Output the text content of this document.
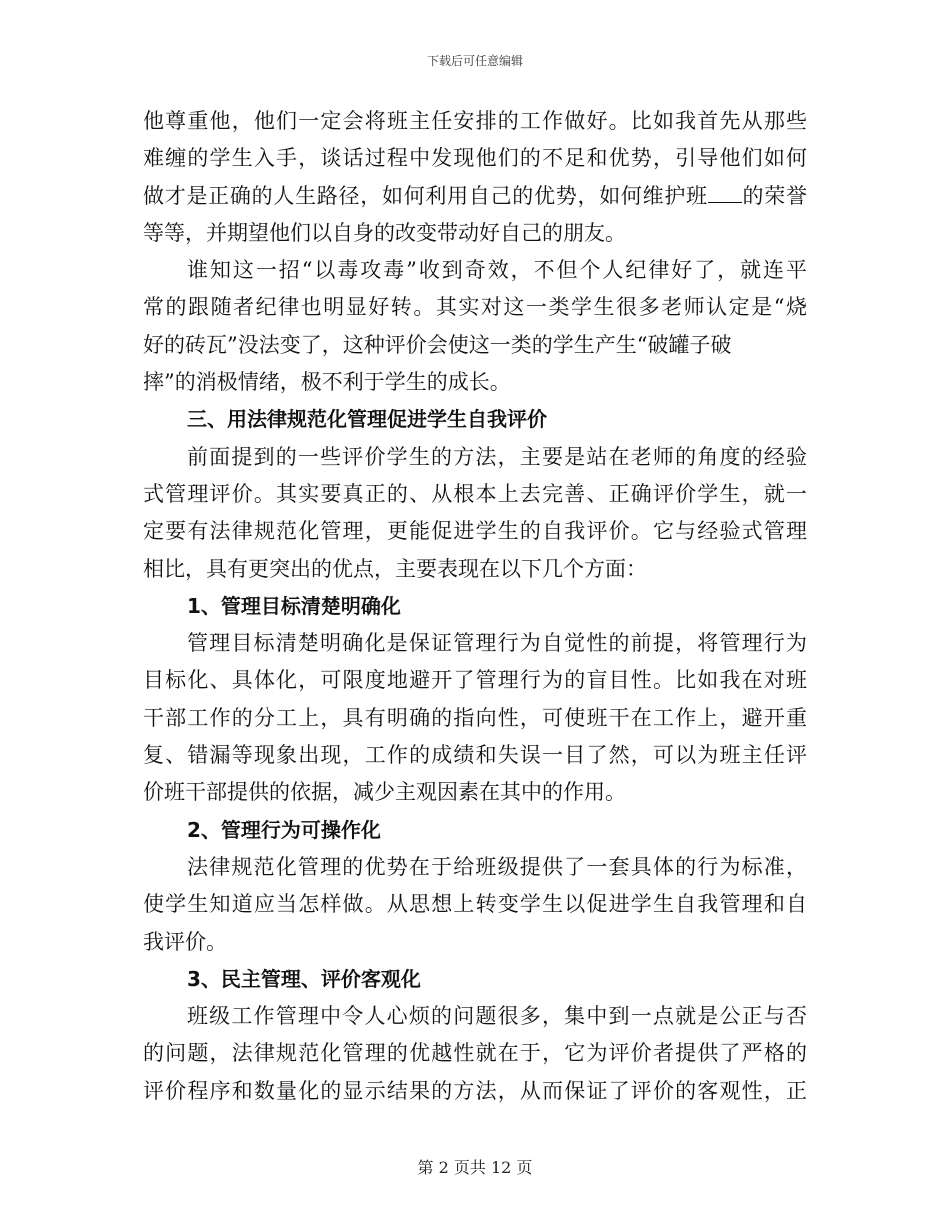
下载后可任意编辑
他尊重他，他们一定会将班主任安排的工作做好。比如我首先从那些
难缠的学生入手，谈话过程中发现他们的不足和优势，引导他们如何
做才是正确的人生路径，如何利用自己的优势，如何维护班 的荣誉
等等，并期望他们以自身的改变带动好自己的朋友。
谁知这一招“以毒攻毒”收到奇效，不但个人纪律好了，就连平
常的跟随者纪律也明显好转。其实对这一类学生很多老师认定是“烧
好的砖瓦”没法变了，这种评价会使这一类的学生产生“破罐子破
摔”的消极情绪，极不利于学生的成长。
三、用法律规范化管理促进学生自我评价
前面提到的一些评价学生的方法，主要是站在老师的角度的经验
式管理评价。其实要真正的、从根本上去完善、正确评价学生，就一
定要有法律规范化管理，更能促进学生的自我评价。它与经验式管理
相比，具有更突出的优点，主要表现在以下几个方面：
1、管理目标清楚明确化
管理目标清楚明确化是保证管理行为自觉性的前提，将管理行为
目标化、具体化，可限度地避开了管理行为的盲目性。比如我在对班
干部工作的分工上，具有明确的指向性，可使班干在工作上，避开重
复、错漏等现象出现，工作的成绩和失误一目了然，可以为班主任评
价班干部提供的依据，减少主观因素在其中的作用。
2、管理行为可操作化
法律规范化管理的优势在于给班级提供了一套具体的行为标准，
使学生知道应当怎样做。从思想上转变学生以促进学生自我管理和自
我评价。
3、民主管理、评价客观化
班级工作管理中令人心烦的问题很多，集中到一点就是公正与否
的问题，法律规范化管理的优越性就在于，它为评价者提供了严格的
评价程序和数量化的显示结果的方法，从而保证了评价的客观性，正
第 2 页共 12 页
